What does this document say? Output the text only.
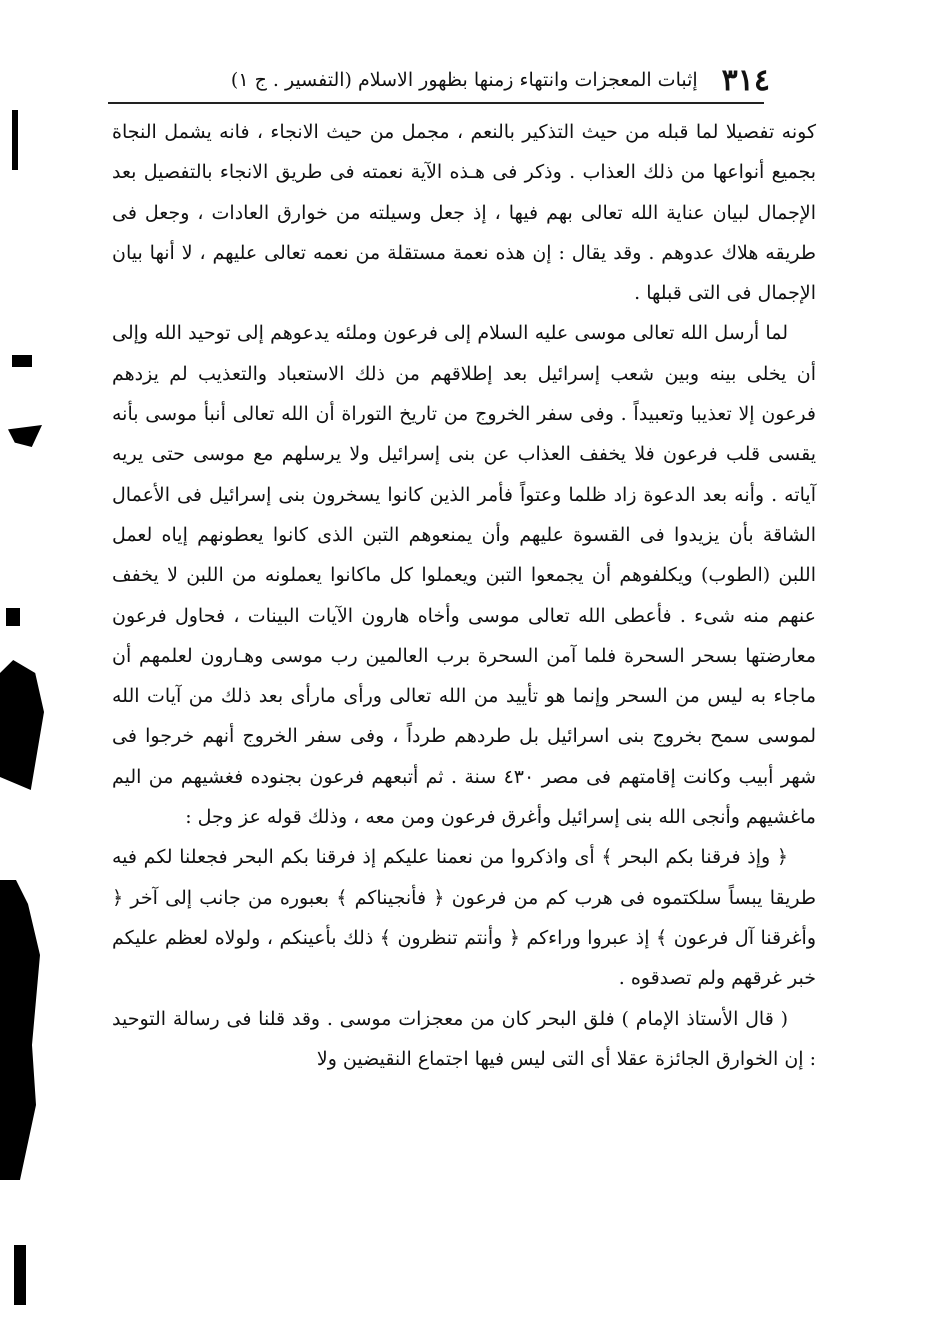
٣١٤
إثبات المعجزات وانتهاء زمنها بظهور الاسلام (التفسير . ج ١)

كونه تفصيلا لما قبله من حيث التذكير بالنعم ، مجمل من حيث الانجاء ، فانه يشمل النجاة بجميع أنواعها من ذلك العذاب . وذكر فى هـذه الآية نعمته فى طريق الانجاء بالتفصيل بعد الإجمال لبيان عناية الله تعالى بهم فيها ، إذ جعل وسيلته من خوارق العادات ، وجعل فى طريقه هلاك عدوهم . وقد يقال : إن هذه نعمة مستقلة من نعمه تعالى عليهم ، لا أنها بيان الإجمال فى التى قبلها .

لما أرسل الله تعالى موسى عليه السلام إلى فرعون وملئه يدعوهم إلى توحيد الله وإلى أن يخلى بينه وبين شعب إسرائيل بعد إطلاقهم من ذلك الاستعباد والتعذيب لم يزدهم فرعون إلا تعذيبا وتعبيداً . وفى سفر الخروج من تاريخ التوراة أن الله تعالى أنبأ موسى بأنه يقسى قلب فرعون فلا يخفف العذاب عن بنى إسرائيل ولا يرسلهم مع موسى حتى يريه آياته . وأنه بعد الدعوة زاد ظلما وعتواً فأمر الذين كانوا يسخرون بنى إسرائيل فى الأعمال الشاقة بأن يزيدوا فى القسوة عليهم وأن يمنعوهم التبن الذى كانوا يعطونهم إياه لعمل اللبن (الطوب) ويكلفوهم أن يجمعوا التبن ويعملوا كل ماكانوا يعملونه من اللبن لا يخفف عنهم منه شىء . فأعطى الله تعالى موسى وأخاه هارون الآيات البينات ، فحاول فرعون معارضتها بسحر السحرة فلما آمن السحرة برب العالمين رب موسى وهـارون لعلمهم أن ماجاء به ليس من السحر وإنما هو تأييد من الله تعالى ورأى مارأى بعد ذلك من آيات الله لموسى سمح بخروج بنى اسرائيل بل طردهم طرداً ، وفى سفر الخروج أنهم خرجوا فى شهر أبيب وكانت إقامتهم فى مصر ٤٣٠ سنة . ثم أتبعهم فرعون بجنوده فغشيهم من اليم ماغشيهم وأنجى الله بنى إسرائيل وأغرق فرعون ومن معه ، وذلك قوله عز وجل :

﴿ وإذ فرقنا بكم البحر ﴾ أى واذكروا من نعمنا عليكم إذ فرقنا بكم البحر فجعلنا لكم فيه طريقا يبساً سلكتموه فى هرب كم من فرعون ﴿ فأنجيناكم ﴾ بعبوره من جانب إلى آخر ﴿ وأغرقنا آل فرعون ﴾ إذ عبروا وراءكم ﴿ وأنتم تنظرون ﴾ ذلك بأعينكم ، ولولاه لعظم عليكم خبر غرقهم ولم تصدقوه .

( قال الأستاذ الإمام ) فلق البحر كان من معجزات موسى . وقد قلنا فى رسالة التوحيد : إن الخوارق الجائزة عقلا أى التى ليس فيها اجتماع النقيضين ولا
